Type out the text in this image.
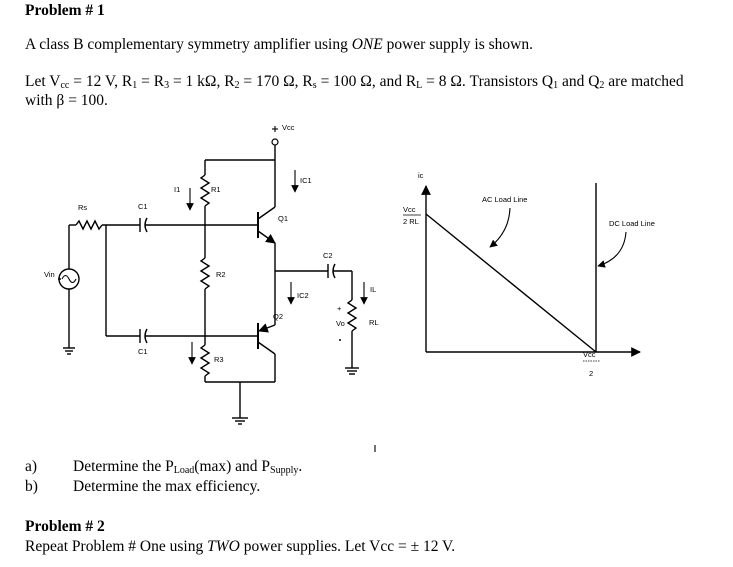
Problem # 1
A class B complementary symmetry amplifier using ONE power supply is shown.
Let $V_{cc} = 12$ V, $R_1 = R_3 = 1$ kΩ, $R_2 = 170$ Ω, $R_s = 100$ Ω, and $R_L = 8$ Ω. Transistors $Q_1$ and $Q_2$ are matched
with β = 100.
a) Determine the $P_{Load}(\max)$ and $P_{Supply}$.
b) Determine the max efficiency.
Problem # 2
Repeat Problem # One using TWO power supplies. Let Vcc = ± 12 V.
Vcc
R1
I1
R2
R3
Q1
IC1
IC2
Q2
C2
RL
IL
+
Vo
Vin
Rs	C1
C1
ic
Vcc
2 RL
AC Load Line
DC Load Line
Vcc
2
